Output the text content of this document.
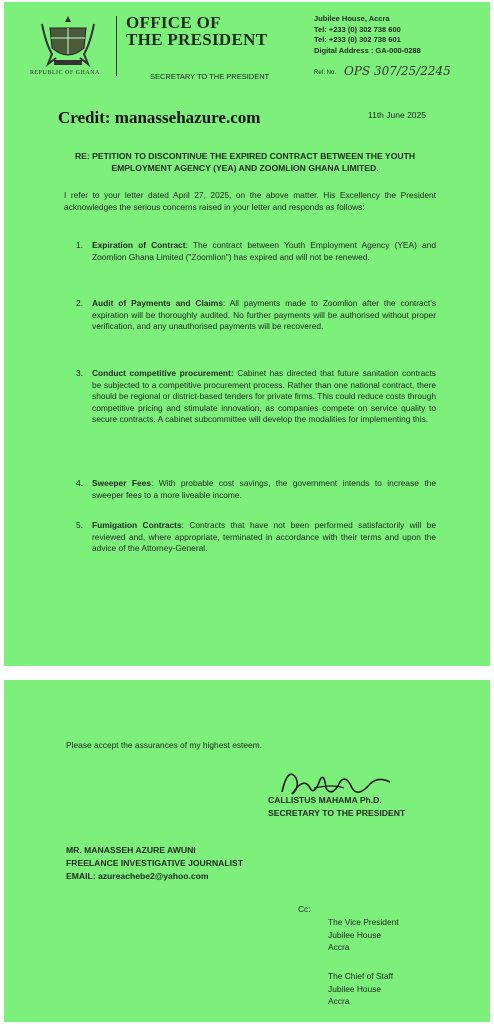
REPUBLIC OF GHANA
OFFICE OF
THE PRESIDENT
SECRETARY TO THE PRESIDENT
Jubilee House, Accra
Tel: +233 (0) 302 738 600
Tel: +233 (0) 302 738 601
Digital Address : GA-000-0288
Ref. No. OPS 307/25/2245
Credit: manassehazure.com	11th June 2025
RE: PETITION TO DISCONTINUE THE EXPIRED CONTRACT BETWEEN THE YOUTH EMPLOYMENT AGENCY (YEA) AND ZOOMLION GHANA LIMITED.
I refer to your letter dated April 27, 2025, on the above matter. His Excellency the President acknowledges the serious concerns raised in your letter and responds as follows:
1. Expiration of Contract: The contract between Youth Employment Agency (YEA) and Zoomlion Ghana Limited ("Zoomlion") has expired and will not be renewed.
2. Audit of Payments and Claims: All payments made to Zoomlion after the contract's expiration will be thoroughly audited. No further payments will be authorised without proper verification, and any unauthorised payments will be recovered.
3. Conduct competitive procurement: Cabinet has directed that future sanitation contracts be subjected to a competitive procurement process. Rather than one national contract, there should be regional or district-based tenders for private firms. This could reduce costs through competitive pricing and stimulate innovation, as companies compete on service quality to secure contracts. A cabinet subcommittee will develop the modalities for implementing this.
4. Sweeper Fees: With probable cost savings, the government intends to increase the sweeper fees to a more liveable income.
5. Fumigation Contracts: Contracts that have not been performed satisfactorily will be reviewed and, where appropriate, terminated in accordance with their terms and upon the advice of the Attorney-General.
Please accept the assurances of my highest esteem.
CALLISTUS MAHAMA Ph.D.
SECRETARY TO THE PRESIDENT
MR. MANASSEH AZURE AWUNI
FREELANCE INVESTIGATIVE JOURNALIST
EMAIL: azureachebe2@yahoo.com
Cc:
The Vice President
Jubilee House
Accra
The Chief of Staff
Jubilee House
Accra
